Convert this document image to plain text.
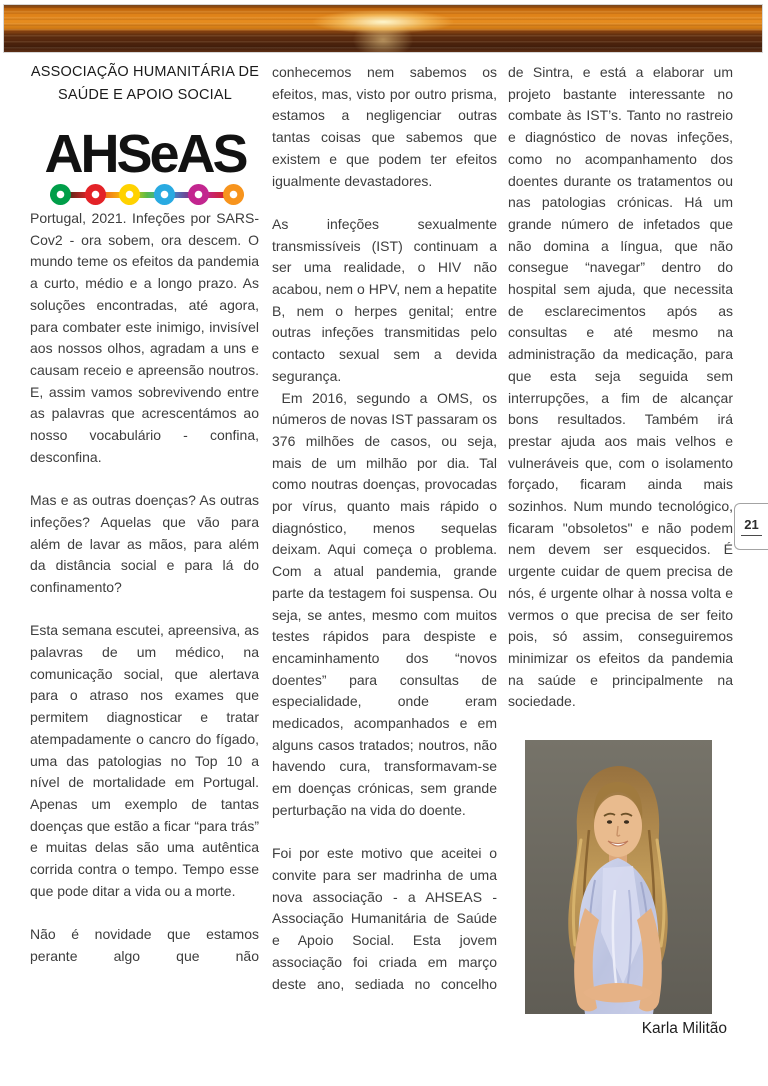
ASSOCIAÇÃO HUMANITÁRIA DE
SAÚDE E APOIO SOCIAL
AHSeAS

Portugal, 2021. Infeções por SARS-Cov2 - ora sobem, ora descem. O mundo teme os efeitos da pandemia a curto, médio e a longo prazo. As soluções encontradas, até agora, para combater este inimigo, invisível aos nossos olhos, agradam a uns e causam receio e apreensão noutros. E, assim vamos sobrevivendo entre as palavras que acrescentámos ao nosso vocabulário - confina, desconfina.

Mas e as outras doenças? As outras infeções? Aquelas que vão para além de lavar as mãos, para além da distância social e para lá do confinamento?

Esta semana escutei, apreensiva, as palavras de um médico, na comunicação social, que alertava para o atraso nos exames que permitem diagnosticar e tratar atempadamente o cancro do fígado, uma das patologias no Top 10 a nível de mortalidade em Portugal. Apenas um exemplo de tantas doenças que estão a ficar “para trás” e muitas delas são uma autêntica corrida contra o tempo. Tempo esse que pode ditar a vida ou a morte.

Não é novidade que estamos perante algo que não

conhecemos nem sabemos os efeitos, mas, visto por outro prisma, estamos a negligenciar outras tantas coisas que sabemos que existem e que podem ter efeitos igualmente devastadores.

As infeções sexualmente transmissíveis (IST) continuam a ser uma realidade, o HIV não acabou, nem o HPV, nem a hepatite B, nem o herpes genital; entre outras infeções transmitidas pelo contacto sexual sem a devida segurança.

Em 2016, segundo a OMS, os números de novas IST passaram os 376 milhões de casos, ou seja, mais de um milhão por dia. Tal como noutras doenças, provocadas por vírus, quanto mais rápido o diagnóstico, menos sequelas deixam. Aqui começa o problema. Com a atual pandemia, grande parte da testagem foi suspensa. Ou seja, se antes, mesmo com muitos testes rápidos para despiste e encaminhamento dos “novos doentes” para consultas de especialidade, onde eram medicados, acompanhados e em alguns casos tratados; noutros, não havendo cura, transformavam-se em doenças crónicas, sem grande perturbação na vida do doente.

Foi por este motivo que aceitei o convite para ser madrinha de uma nova associação - a AHSEAS - Associação Humanitária de Saúde e Apoio Social. Esta jovem associação foi criada em março deste ano, sediada no concelho

de Sintra, e está a elaborar um projeto bastante interessante no combate às IST’s. Tanto no rastreio e diagnóstico de novas infeções, como no acompanhamento dos doentes durante os tratamentos ou nas patologias crónicas. Há um grande número de infetados que não domina a língua, que não consegue “navegar” dentro do hospital sem ajuda, que necessita de esclarecimentos após as consultas e até mesmo na administração da medicação, para que esta seja seguida sem interrupções, a fim de alcançar bons resultados. Também irá prestar ajuda aos mais velhos e vulneráveis que, com o isolamento forçado, ficaram ainda mais sozinhos. Num mundo tecnológico, ficaram "obsoletos" e não podem nem devem ser esquecidos. É urgente cuidar de quem precisa de nós, é urgente olhar à nossa volta e vermos o que precisa de ser feito pois, só assim, conseguiremos minimizar os efeitos da pandemia na saúde e principalmente na sociedade.

21
Karla Militão
